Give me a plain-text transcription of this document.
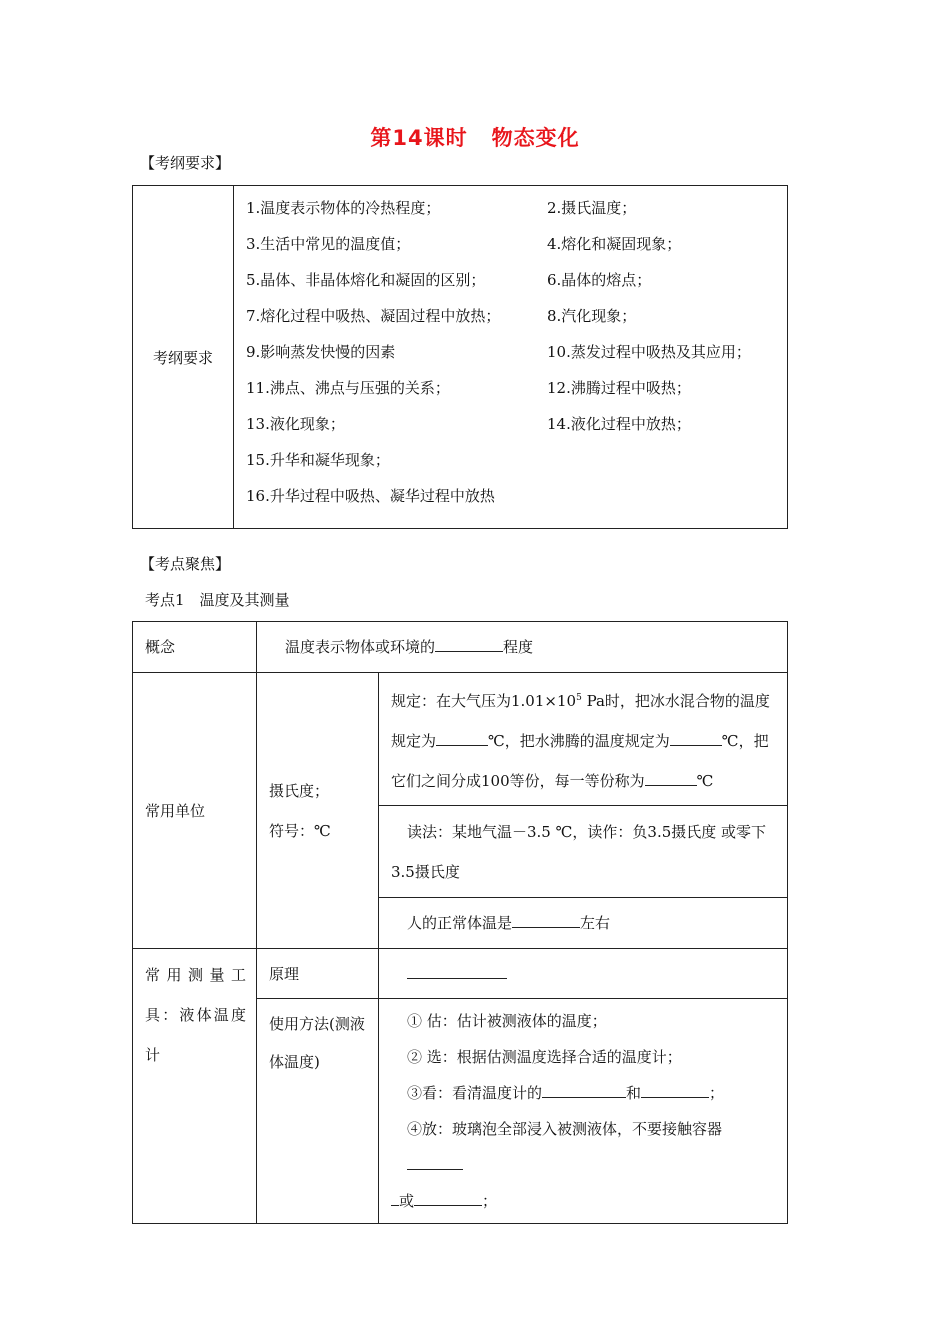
第14课时 物态变化
【考纲要求】
考纲要求	
1.温度表示物体的冷热程度；	2.摄氏温度；
3.生活中常见的温度值；	4.熔化和凝固现象；
5.晶体、非晶体熔化和凝固的区别；	6.晶体的熔点；
7.熔化过程中吸热、凝固过程中放热；	8.汽化现象；
9.影响蒸发快慢的因素	10.蒸发过程中吸热及其应用；
11.沸点、沸点与压强的关系；	12.沸腾过程中吸热；
13.液化现象；	14.液化过程中放热；
15.升华和凝华现象；
16.升华过程中吸热、凝华过程中放热
【考点聚焦】
考点1　温度及其测量
概念	温度表示物体或环境的 程度	
常用单位	摄氏度；
符号：℃	规定：在大气压为$1.01\times 10^5$ Pa时，把冰水混合物的温度规定为 ℃，把水沸腾的温度规定为 ℃，把它们之间分成100等份，每一等份称为 ℃
		读法：某地气温－3.5 ℃，读作：负3.5摄氏度 或零下3.5摄氏度
		人的正常体温是 左右
常用测量工具：液体温度计	原理	
	使用方法(测液体温度)	① 估：估计被测液体的温度；
② 选：根据估测温度选择合适的温度计；
③看：看清温度计的 和 ；
④放：玻璃泡全部浸入被测液体，不要接触容器
或 ；
